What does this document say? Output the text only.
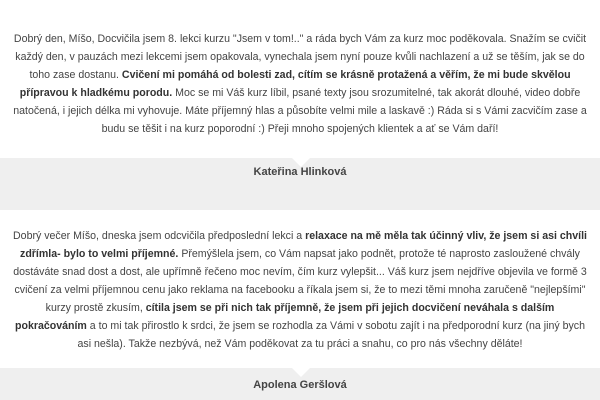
Dobrý den, Míšo, Docvičila jsem 8. lekci kurzu "Jsem v tom!.." a ráda bych Vám za kurz moc poděkovala. Snažím se cvičit každý den, v pauzách mezi lekcemi jsem opakovala, vynechala jsem nyní pouze kvůli nachlazení a už se těším, jak se do toho zase dostanu. Cvičení mi pomáhá od bolesti zad, cítím se krásně protažená a věřím, že mi bude skvělou přípravou k hladkému porodu. Moc se mi Váš kurz líbil, psané texty jsou srozumitelné, tak akorát dlouhé, video dobře natočená, i jejich délka mi vyhovuje. Máte příjemný hlas a působíte velmi mile a laskavě :) Ráda si s Vámi zacvičím zase a budu se těšit i na kurz poporodní :) Přeji mnoho spojených klientek a ať se Vám daří!
Kateřina Hlinková
Dobrý večer Míšo, dneska jsem odcvičila předposlední lekci a relaxace na mě měla tak účinný vliv, že jsem si asi chvíli zdřímla- bylo to velmi příjemné. Přemýšlela jsem, co Vám napsat jako podnět, protože té naprosto zasloužené chvály dostáváte snad dost a dost, ale upřímně řečeno moc nevím, čím kurz vylepšit... Váš kurz jsem nejdříve objevila ve formě 3 cvičení za velmi příjemnou cenu jako reklama na facebooku a říkala jsem si, že to mezi těmi mnoha zaručeně "nejlepšími" kurzy prostě zkusím, cítila jsem se při nich tak příjemně, že jsem při jejich docvičení neváhala s dalším pokračováním a to mi tak přirostlo k srdci, že jsem se rozhodla za Vámi v sobotu zajít i na předporodní kurz (na jiný bych asi nešla). Takže nezbývá, než Vám poděkovat za tu práci a snahu, co pro nás všechny děláte!
Apolena Geršlová
